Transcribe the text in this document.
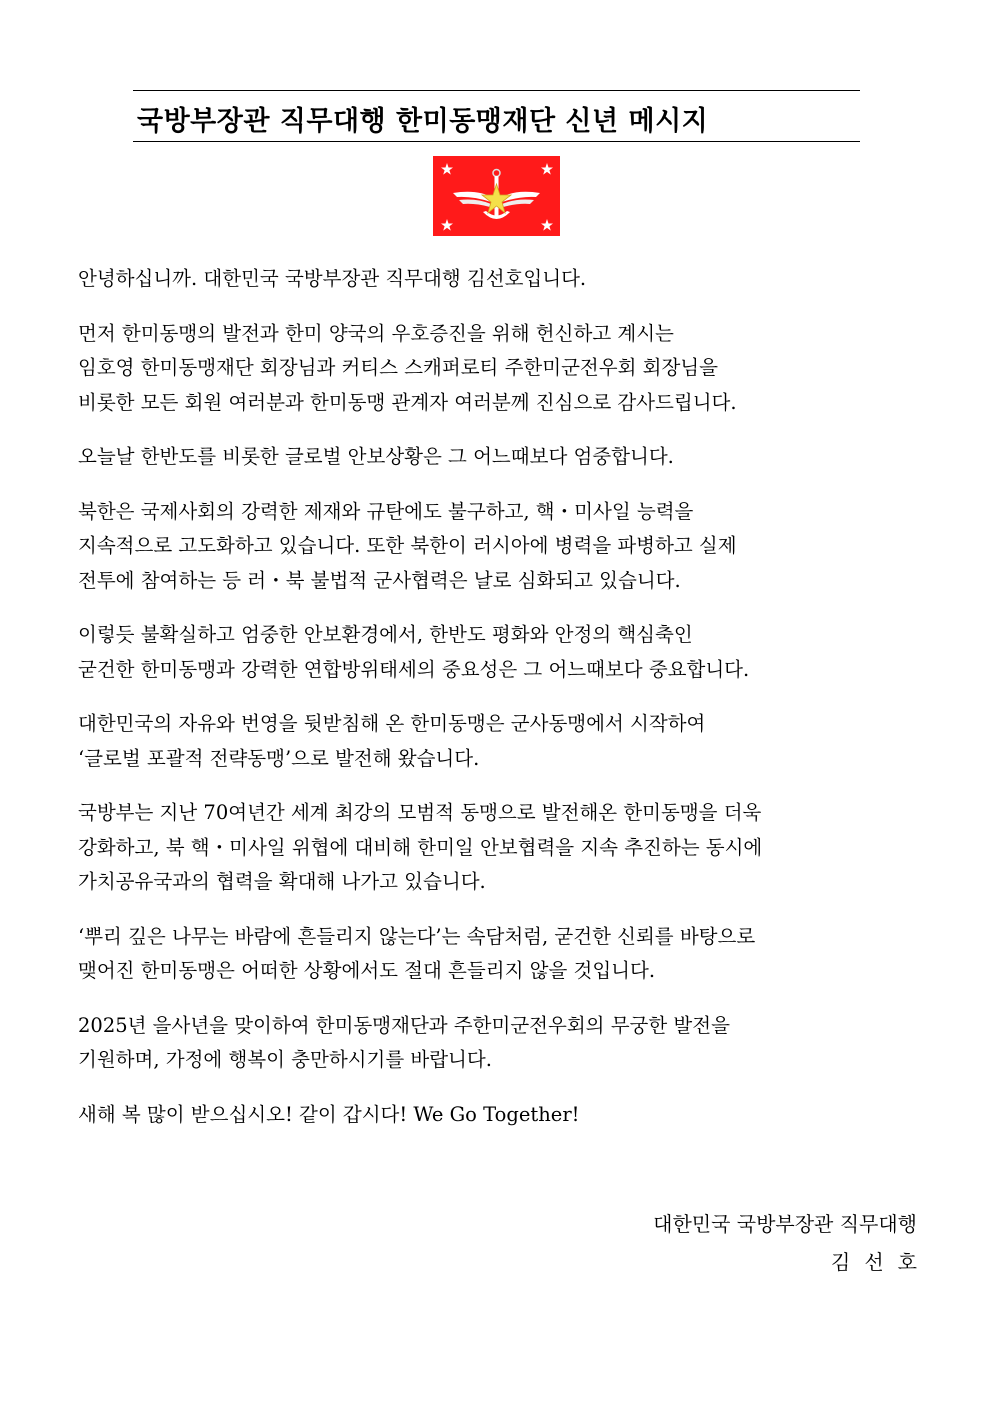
국방부장관 직무대행 한미동맹재단 신년 메시지

안녕하십니까. 대한민국 국방부장관 직무대행 김선호입니다.

먼저 한미동맹의 발전과 한미 양국의 우호증진을 위해 헌신하고 계시는
임호영 한미동맹재단 회장님과 커티스 스캐퍼로티 주한미군전우회 회장님을
비롯한 모든 회원 여러분과 한미동맹 관계자 여러분께 진심으로 감사드립니다.

오늘날 한반도를 비롯한 글로벌 안보상황은 그 어느때보다 엄중합니다.

북한은 국제사회의 강력한 제재와 규탄에도 불구하고, 핵・미사일 능력을
지속적으로 고도화하고 있습니다. 또한 북한이 러시아에 병력을 파병하고 실제
전투에 참여하는 등 러・북 불법적 군사협력은 날로 심화되고 있습니다.

이렇듯 불확실하고 엄중한 안보환경에서, 한반도 평화와 안정의 핵심축인
굳건한 한미동맹과 강력한 연합방위태세의 중요성은 그 어느때보다 중요합니다.

대한민국의 자유와 번영을 뒷받침해 온 한미동맹은 군사동맹에서 시작하여
‘글로벌 포괄적 전략동맹’으로 발전해 왔습니다.

국방부는 지난 70여년간 세계 최강의 모범적 동맹으로 발전해온 한미동맹을 더욱
강화하고, 북 핵・미사일 위협에 대비해 한미일 안보협력을 지속 추진하는 동시에
가치공유국과의 협력을 확대해 나가고 있습니다.

‘뿌리 깊은 나무는 바람에 흔들리지 않는다’는 속담처럼, 굳건한 신뢰를 바탕으로
맺어진 한미동맹은 어떠한 상황에서도 절대 흔들리지 않을 것입니다.

2025년 을사년을 맞이하여 한미동맹재단과 주한미군전우회의 무궁한 발전을
기원하며, 가정에 행복이 충만하시기를 바랍니다.

새해 복 많이 받으십시오! 같이 갑시다! We Go Together!

대한민국 국방부장관 직무대행
김선호
